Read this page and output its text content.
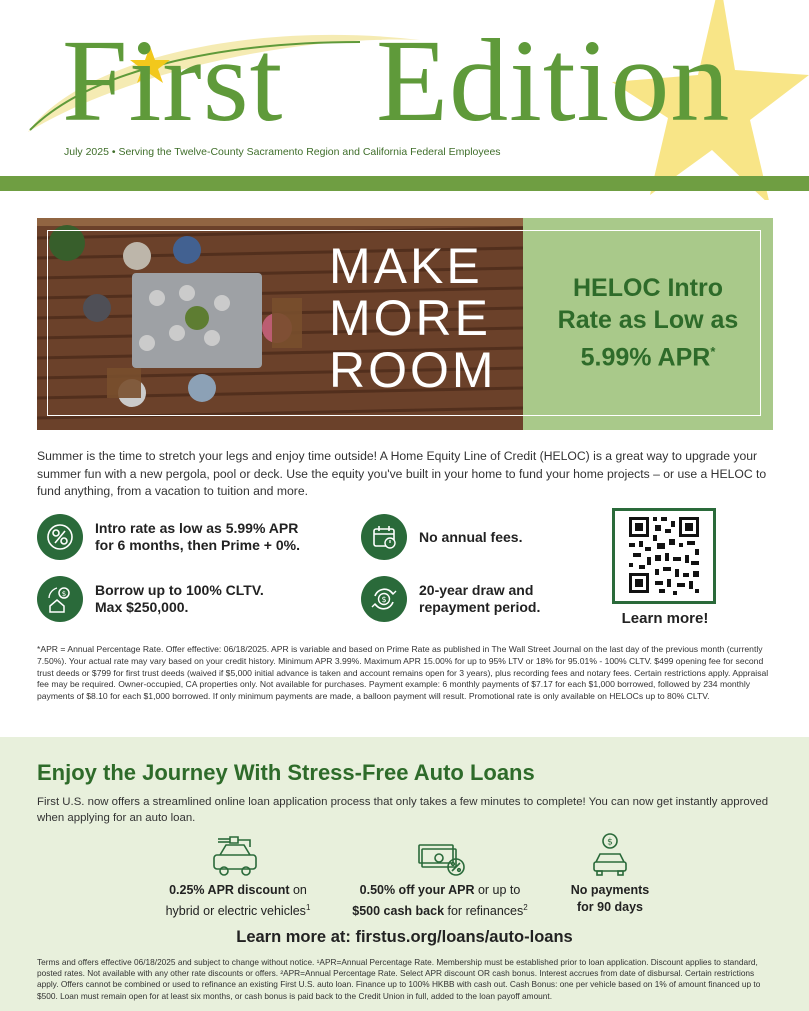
First Edition
July 2025 • Serving the Twelve-County Sacramento Region and California Federal Employees
MAKE
MORE
ROOM
HELOC Intro
Rate as Low as
5.99% APR*
Summer is the time to stretch your legs and enjoy time outside! A Home Equity Line of Credit (HELOC) is a great way to upgrade your summer fun with a new pergola, pool or deck. Use the equity you've built in your home to fund your home projects – or use a HELOC to fund anything, from a vacation to tuition and more.
Intro rate as low as 5.99% APR
for 6 months, then Prime + 0%.
No annual fees.
$ Borrow up to 100% CLTV.
Max $250,000.	$
20-year draw and
repayment period.
Learn more!
*APR = Annual Percentage Rate. Offer effective: 06/18/2025. APR is variable and based on Prime Rate as published in The Wall Street Journal on the last day of the previous month (currently 7.50%). Your actual rate may vary based on your credit history. Minimum APR 3.99%. Maximum APR 15.00% for up to 95% LTV or 18% for 95.01% - 100% CLTV. $499 opening fee for second trust deeds or $799 for first trust deeds (waived if $5,000 initial advance is taken and account remains open for 3 years), plus recording fees and notary fees. Certain restrictions apply. Appraisal fee may be required. Owner-occupied, CA properties only. Not available for purchases. Payment example: 6 monthly payments of $7.17 for each $1,000 borrowed, followed by 234 monthly payments of $8.10 for each $1,000 borrowed. If only minimum payments are made, a balloon payment will result. Promotional rate is only available on HELOCs up to 80% CLTV.
Enjoy the Journey With Stress-Free Auto Loans
First U.S. now offers a streamlined online loan application process that only takes a few minutes to complete! You can now get instantly approved when applying for an auto loan.
0.25% APR discount on
hybrid or electric vehicles$^1$
0.50% off your APR or up to
$500 cash back for refinances$^2$
$
No payments
for 90 days
Learn more at: firstus.org/loans/auto-loans
Terms and offers effective 06/18/2025 and subject to change without notice. ¹APR=Annual Percentage Rate. Membership must be established prior to loan application. Discount applies to standard, posted rates. Not available with any other rate discounts or offers. ²APR=Annual Percentage Rate. Select APR discount OR cash bonus. Interest accrues from date of disbursal. Certain restrictions apply. Offers cannot be combined or used to refinance an existing First U.S. auto loan. Finance up to 100% HKBB with cash out. Cash Bonus: one per vehicle based on 1% of amount financed up to $500. Loan must remain open for at least six months, or cash bonus is paid back to the Credit Union in full, added to the loan payoff amount.
